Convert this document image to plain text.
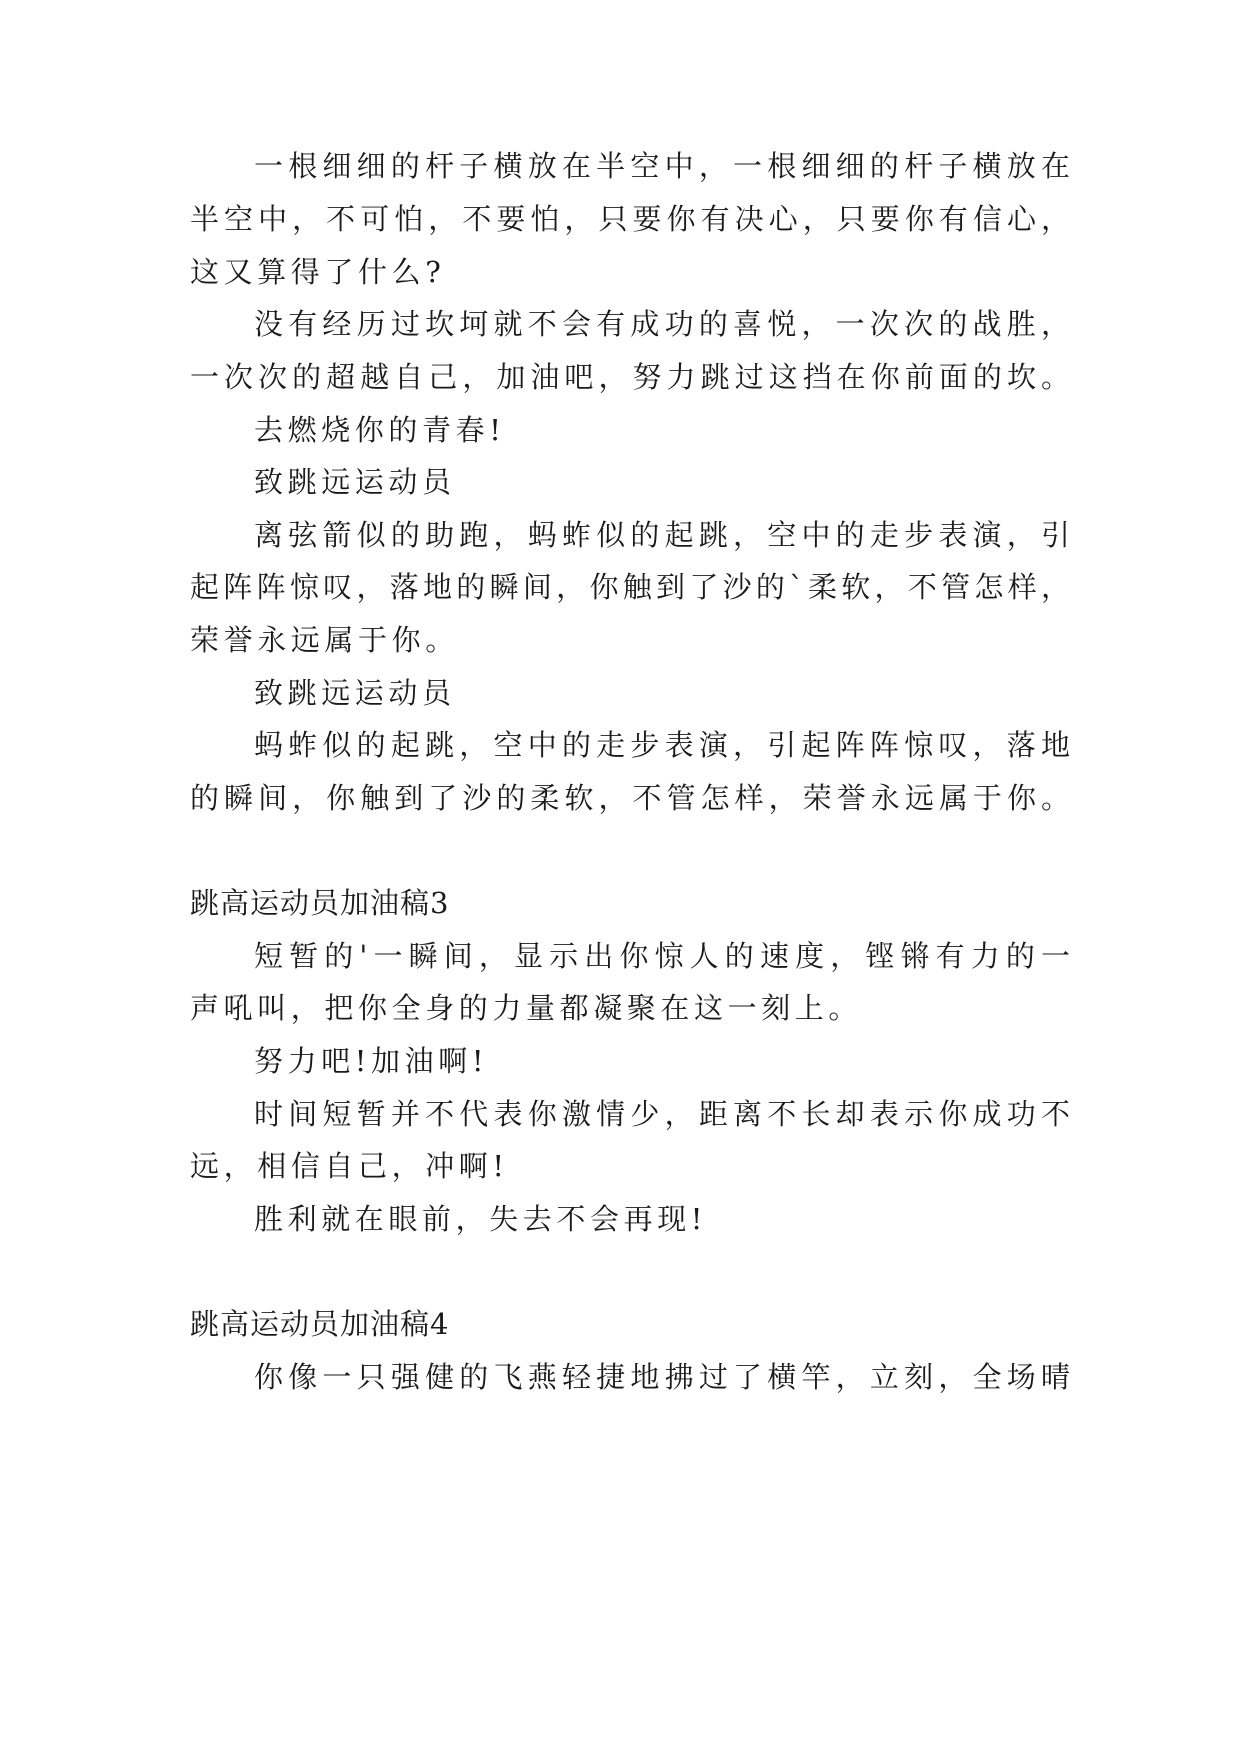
一根细细的杆子横放在半空中，一根细细的杆子横放在
半空中，不可怕，不要怕，只要你有决心，只要你有信心，
这又算得了什么?
没有经历过坎坷就不会有成功的喜悦，一次次的战胜，
一次次的超越自己，加油吧，努力跳过这挡在你前面的坎。
去燃烧你的青春!
致跳远运动员
离弦箭似的助跑，蚂蚱似的起跳，空中的走步表演，引
起阵阵惊叹，落地的瞬间，你触到了沙的`柔软，不管怎样，
荣誉永远属于你。
致跳远运动员
蚂蚱似的起跳，空中的走步表演，引起阵阵惊叹，落地
的瞬间，你触到了沙的柔软，不管怎样，荣誉永远属于你。
跳高运动员加油稿3
短暂的'一瞬间，显示出你惊人的速度，铿锵有力的一
声吼叫，把你全身的力量都凝聚在这一刻上。
努力吧!加油啊!
时间短暂并不代表你激情少，距离不长却表示你成功不
远，相信自己，冲啊!
胜利就在眼前，失去不会再现!
跳高运动员加油稿4
你像一只强健的飞燕轻捷地拂过了横竿，立刻，全场晴
